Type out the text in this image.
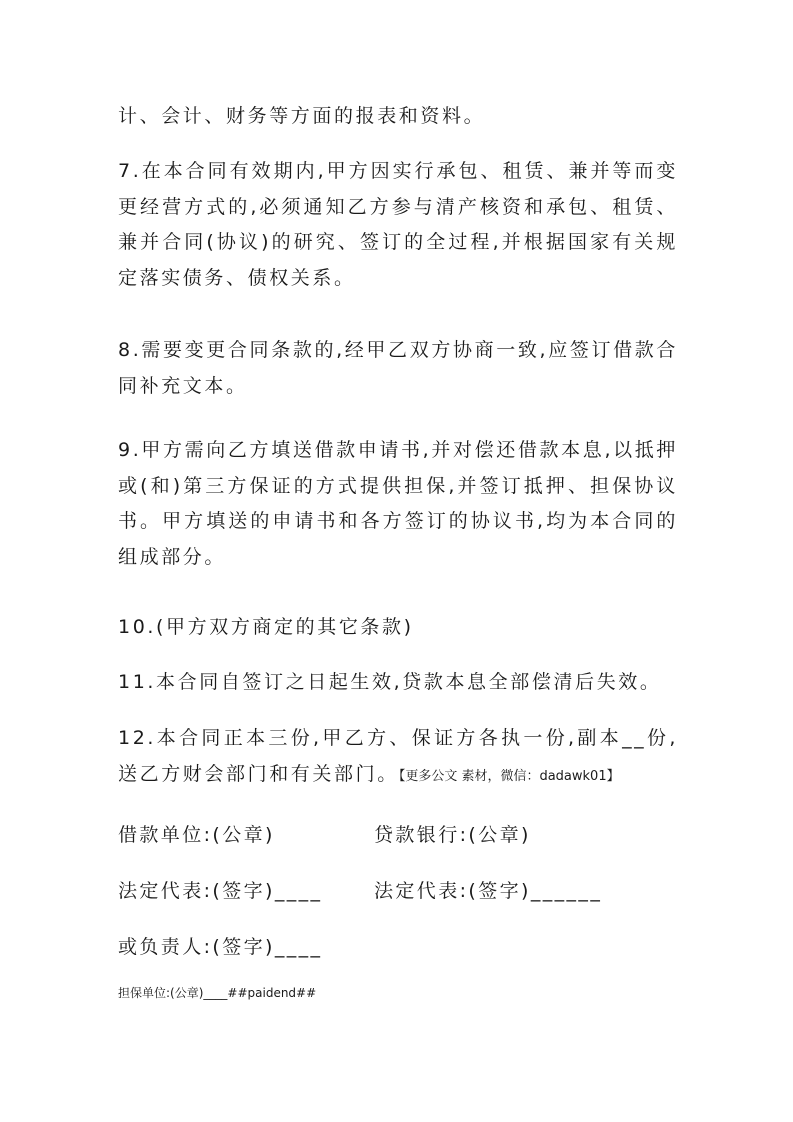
计、会计、财务等方面的报表和资料。
7.在本合同有效期内,甲方因实行承包、租赁、兼并等而变更经营方式的,必须通知乙方参与清产核资和承包、租赁、兼并合同(协议)的研究、签订的全过程,并根据国家有关规定落实债务、债权关系。
8.需要变更合同条款的,经甲乙双方协商一致,应签订借款合同补充文本。
9.甲方需向乙方填送借款申请书,并对偿还借款本息,以抵押或(和)第三方保证的方式提供担保,并签订抵押、担保协议书。甲方填送的申请书和各方签订的协议书,均为本合同的组成部分。
10.(甲方双方商定的其它条款)
11.本合同自签订之日起生效,贷款本息全部偿清后失效。
12.本合同正本三份,甲乙方、保证方各执一份,副本__份,送乙方财会部门和有关部门。【更多公文 素材，微信：dadawk01】
借款单位:(公章)	贷款银行:(公章)
法定代表:(签字)____	法定代表:(签字)______
或负责人:(签字)____
担保单位:(公章)____##paidend##
